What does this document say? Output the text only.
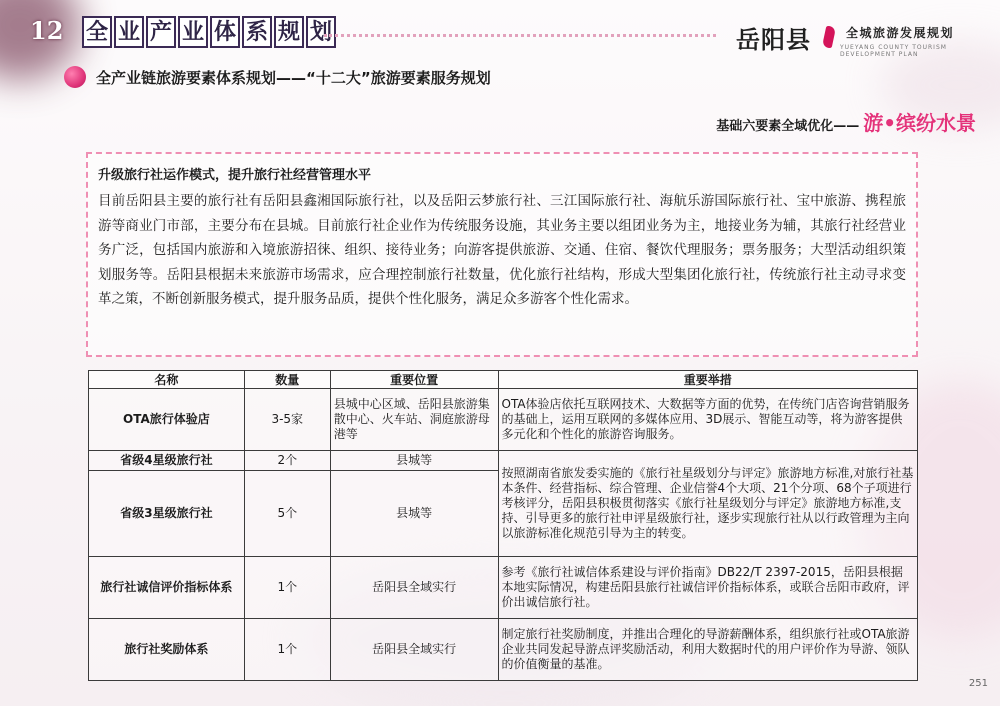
12 全 业 产 业 体 系 规 划	岳阳县	全城旅游发展规划
YUEYANG COUNTY TOURISM DEVELOPMENT PLAN
全产业链旅游要素体系规划——“十二大”旅游要素服务规划
基础六要素全域优化—— 游•缤纷水景
升级旅行社运作模式，提升旅行社经营管理水平
目前岳阳县主要的旅行社有岳阳县鑫湘国际旅行社，以及岳阳云梦旅行社、三江国际旅行社、海航乐游国际旅行社、宝中旅游、携程旅游等商业门市部，主要分布在县城。目前旅行社企业作为传统服务设施，其业务主要以组团业务为主，地接业务为辅，其旅行社经营业务广泛，包括国内旅游和入境旅游招徕、组织、接待业务；向游客提供旅游、交通、住宿、餐饮代理服务；票务服务；大型活动组织策划服务等。岳阳县根据未来旅游市场需求，应合理控制旅行社数量，优化旅行社结构，形成大型集团化旅行社，传统旅行社主动寻求变革之策，不断创新服务模式，提升服务品质，提供个性化服务，满足众多游客个性化需求。
名称	数量	重要位置	重要举措
OTA旅行体验店	3-5家	县城中心区域、岳阳县旅游集散中心、火车站、洞庭旅游母港等	OTA体验店依托互联网技术、大数据等方面的优势，在传统门店咨询营销服务的基础上，运用互联网的多媒体应用、3D展示、智能互动等，将为游客提供多元化和个性化的旅游咨询服务。
省级4星级旅行社	2个	县城等	按照湖南省旅发委实施的《旅行社星级划分与评定》旅游地方标准,对旅行社基本条件、经营指标、综合管理、企业信誉4个大项、21个分项、68个子项进行考核评分，岳阳县积极贯彻落实《旅行社星级划分与评定》旅游地方标准,支持、引导更多的旅行社申评星级旅行社，逐步实现旅行社从以行政管理为主向以旅游标准化规范引导为主的转变。
省级3星级旅行社	5个	县城等	
旅行社诚信评价指标体系	1个	岳阳县全域实行	参考《旅行社诚信体系建设与评价指南》DB22/T 2397-2015，岳阳县根据本地实际情况，构建岳阳县旅行社诚信评价指标体系，或联合岳阳市政府，评价出诚信旅行社。
旅行社奖励体系	1个	岳阳县全域实行	制定旅行社奖励制度，并推出合理化的导游薪酬体系，组织旅行社或OTA旅游企业共同发起导游点评奖励活动，利用大数据时代的用户评价作为导游、领队的价值衡量的基准。
251
